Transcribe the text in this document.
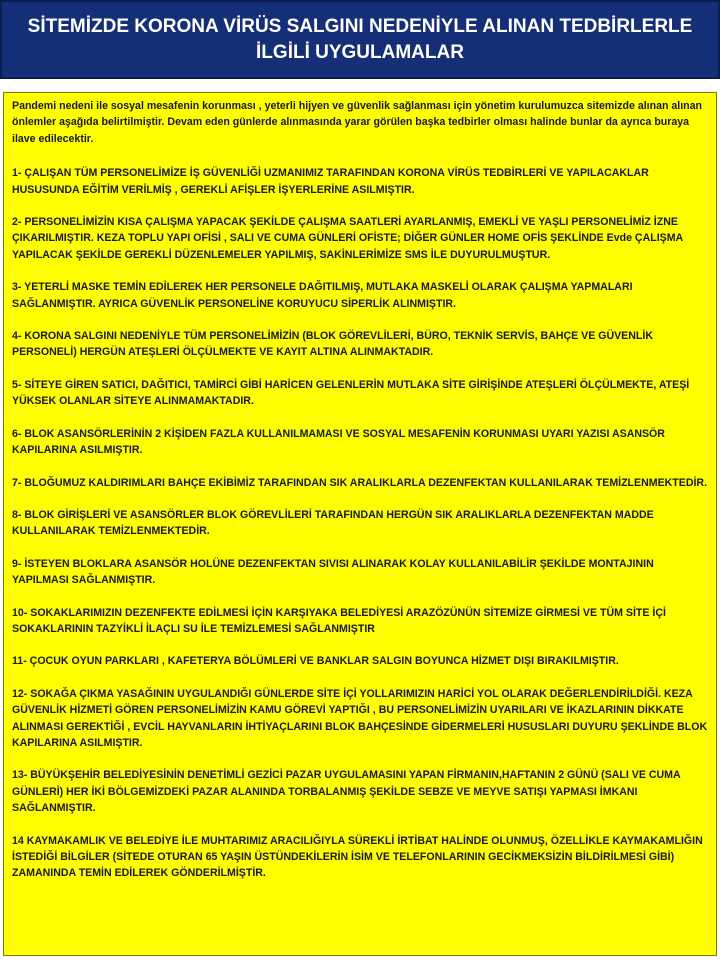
SİTEMİZDE KORONA VİRÜS SALGINI NEDENİYLE ALINAN TEDBİRLERLE
İLGİLİ UYGULAMALAR

Pandemi nedeni ile sosyal mesafenin korunması , yeterli hijyen ve güvenlik sağlanması için yönetim kurulumuzca sitemizde alınan alınan önlemler aşağıda belirtilmiştir. Devam eden günlerde alınmasında yarar görülen başka tedbirler olması halinde bunlar da ayrıca buraya ilave edilecektir.

1- ÇALIŞAN TÜM PERSONELİMİZE İŞ GÜVENLİĞİ UZMANIMIZ TARAFINDAN KORONA VİRÜS TEDBİRLERİ VE YAPILACAKLAR HUSUSUNDA EĞİTİM VERİLMİŞ , GEREKLİ AFİŞLER İŞYERLERİNE ASILMIŞTIR.

2- PERSONELİMİZİN KISA ÇALIŞMA YAPACAK ŞEKİLDE ÇALIŞMA SAATLERİ AYARLANMIŞ, EMEKLİ VE YAŞLI PERSONELİMİZ İZNE ÇIKARILMIŞTIR. KEZA TOPLU YAPI OFİSİ , SALI VE CUMA GÜNLERİ OFİSTE; DİĞER GÜNLER HOME OFİS ŞEKLİNDE Evde ÇALIŞMA YAPILACAK ŞEKİLDE GEREKLİ DÜZENLEMELER YAPILMIŞ, SAKİNLERİMİZE SMS İLE DUYURULMUŞTUR.

3- YETERLİ MASKE TEMİN EDİLEREK HER PERSONELE DAĞITILMIŞ, MUTLAKA MASKELİ OLARAK ÇALIŞMA YAPMALARI SAĞLANMIŞTIR. AYRICA GÜVENLİK PERSONELİNE KORUYUCU SİPERLİK ALINMIŞTIR.

4- KORONA SALGINI NEDENİYLE TÜM PERSONELİMİZİN (BLOK GÖREVLİLERİ, BÜRO, TEKNİK SERVİS, BAHÇE VE GÜVENLİK PERSONELİ) HERGÜN ATEŞLERİ ÖLÇÜLMEKTE VE KAYIT ALTINA ALINMAKTADIR.

5- SİTEYE GİREN SATICI, DAĞITICI, TAMİRCİ GİBİ HARİCEN GELENLERİN MUTLAKA SİTE GİRİŞİNDE ATEŞLERİ ÖLÇÜLMEKTE, ATEŞİ YÜKSEK OLANLAR SİTEYE ALINMAMAKTADIR.

6- BLOK ASANSÖRLERİNİN 2 KİŞİDEN FAZLA KULLANILMAMASI VE SOSYAL MESAFENİN KORUNMASI UYARI YAZISI ASANSÖR KAPILARINA ASILMIŞTIR.

7- BLOĞUMUZ KALDIRIMLARI BAHÇE EKİBİMİZ TARAFINDAN SIK ARALIKLARLA DEZENFEKTAN KULLANILARAK TEMİZLENMEKTEDİR.

8- BLOK GİRİŞLERİ VE ASANSÖRLER BLOK GÖREVLİLERİ TARAFINDAN HERGÜN SIK ARALIKLARLA DEZENFEKTAN MADDE KULLANILARAK TEMİZLENMEKTEDİR.

9- İSTEYEN BLOKLARA ASANSÖR HOLÜNE DEZENFEKTAN SIVISI ALINARAK KOLAY KULLANILABİLİR ŞEKİLDE MONTAJININ YAPILMASI SAĞLANMIŞTIR.

10- SOKAKLARIMIZIN DEZENFEKTE EDİLMESİ İÇİN KARŞIYAKA BELEDİYESİ ARAZÖZÜNÜN SİTEMİZE GİRMESİ VE TÜM SİTE İÇİ SOKAKLARININ TAZYİKLİ İLAÇLI SU İLE TEMİZLEMESİ SAĞLANMIŞTIR

11- ÇOCUK OYUN PARKLARI , KAFETERYA BÖLÜMLERİ VE BANKLAR SALGIN BOYUNCA HİZMET DIŞI BIRAKILMIŞTIR.

12- SOKAĞA ÇIKMA YASAĞININ UYGULANDIĞI GÜNLERDE SİTE İÇİ YOLLARIMIZIN HARİCİ YOL OLARAK DEĞERLENDİRİLDİĞİ. KEZA GÜVENLİK HİZMETİ GÖREN PERSONELİMİZİN KAMU GÖREVİ YAPTIĞI , BU PERSONELİMİZİN UYARILARI VE İKAZLARININ DİKKATE ALINMASI GEREKTİĞİ , EVCİL HAYVANLARIN İHTİYAÇLARINI BLOK BAHÇESİNDE GİDERMELERİ HUSUSLARI DUYURU ŞEKLİNDE BLOK KAPILARINA ASILMIŞTIR.

13- BÜYÜKŞEHİR BELEDİYESİNİN DENETİMLİ GEZİCİ PAZAR UYGULAMASINI YAPAN FİRMANIN,HAFTANIN 2 GÜNÜ (SALI VE CUMA GÜNLERİ) HER İKİ BÖLGEMİZDEKİ PAZAR ALANINDA TORBALANMIŞ ŞEKİLDE SEBZE VE MEYVE SATIŞI YAPMASI İMKANI SAĞLANMIŞTIR.

14 KAYMAKAMLIK VE BELEDİYE İLE MUHTARIMIZ ARACILIĞIYLA SÜREKLİ İRTİBAT HALİNDE OLUNMUŞ, ÖZELLİKLE KAYMAKAMLIĞIN İSTEDİĞİ BİLGİLER (SİTEDE OTURAN 65 YAŞIN ÜSTÜNDEKİLERİN İSİM VE TELEFONLARININ GECİKMEKSİZİN BİLDİRİLMESİ GİBİ) ZAMANINDA TEMİN EDİLEREK GÖNDERİLMİŞTİR.
